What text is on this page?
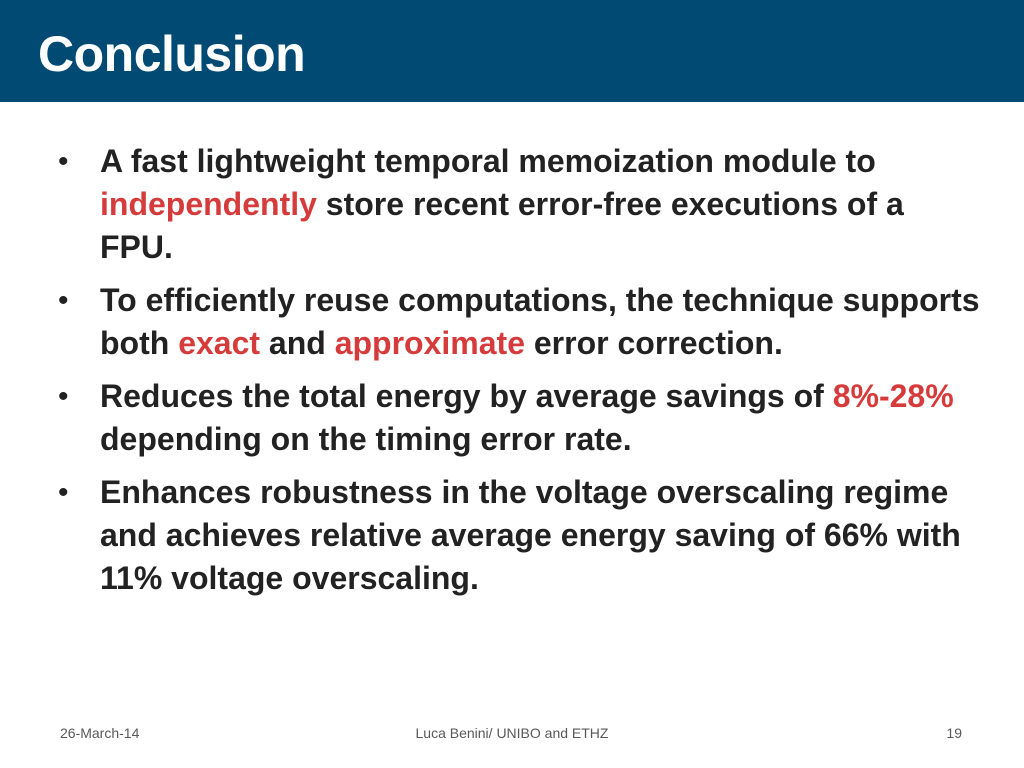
Conclusion
• A fast lightweight temporal memoization module to independently store recent error-free executions of a FPU.
• To efficiently reuse computations, the technique supports both exact and approximate error correction.
• Reduces the total energy by average savings of 8%-28% depending on the timing error rate.
• Enhances robustness in the voltage overscaling regime and achieves relative average energy saving of 66% with 11% voltage overscaling.
26-March-14	Luca Benini/ UNIBO and ETHZ	19
